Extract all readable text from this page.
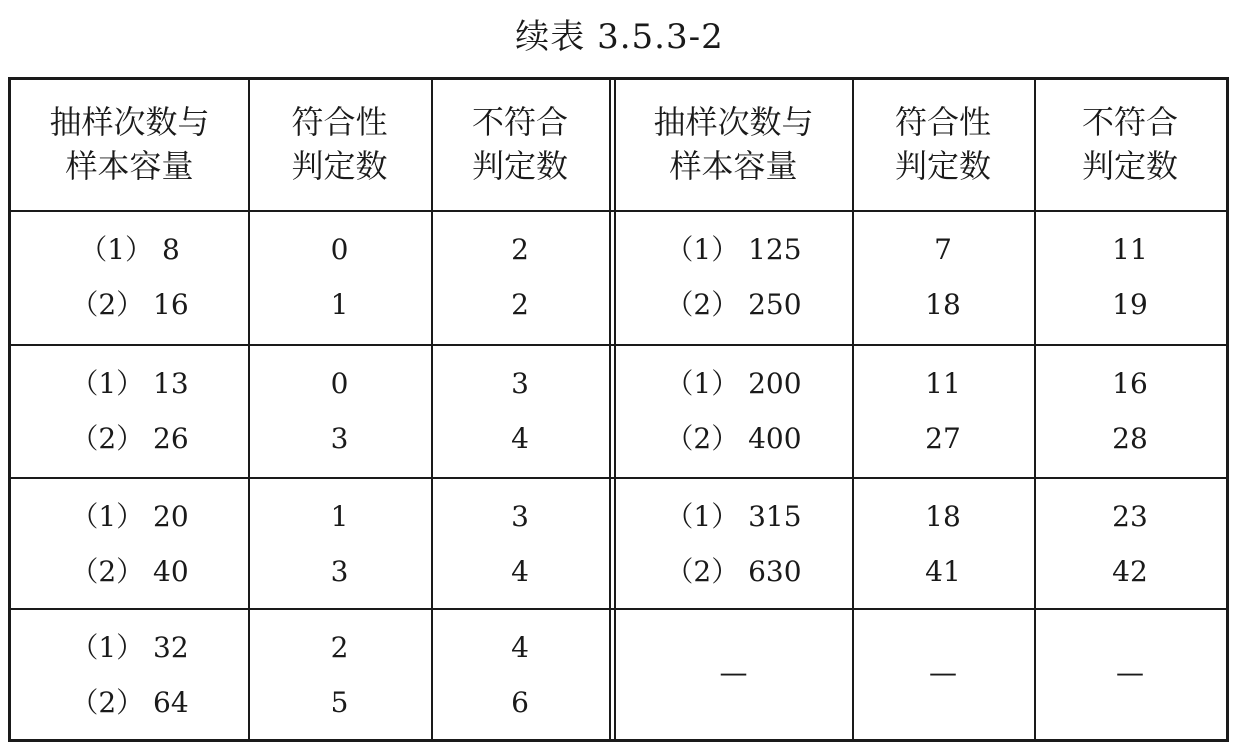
续表 3.5.3-2
抽样次数与
样本容量
符合性
判定数
不符合
判定数
抽样次数与
样本容量
符合性
判定数
不符合
判定数
（1） 8
（2） 16
0
1
2
2
（1） 125
（2） 250
7
18
11
19
（1） 13
（2） 26
0
3
3
4
（1） 200
（2） 400
11
27
16
28
（1） 20
（2） 40
1
3
3
4
（1） 315
（2） 630
18
41
23
42
（1） 32
（2） 64
2
5
4
6
—	—	—
